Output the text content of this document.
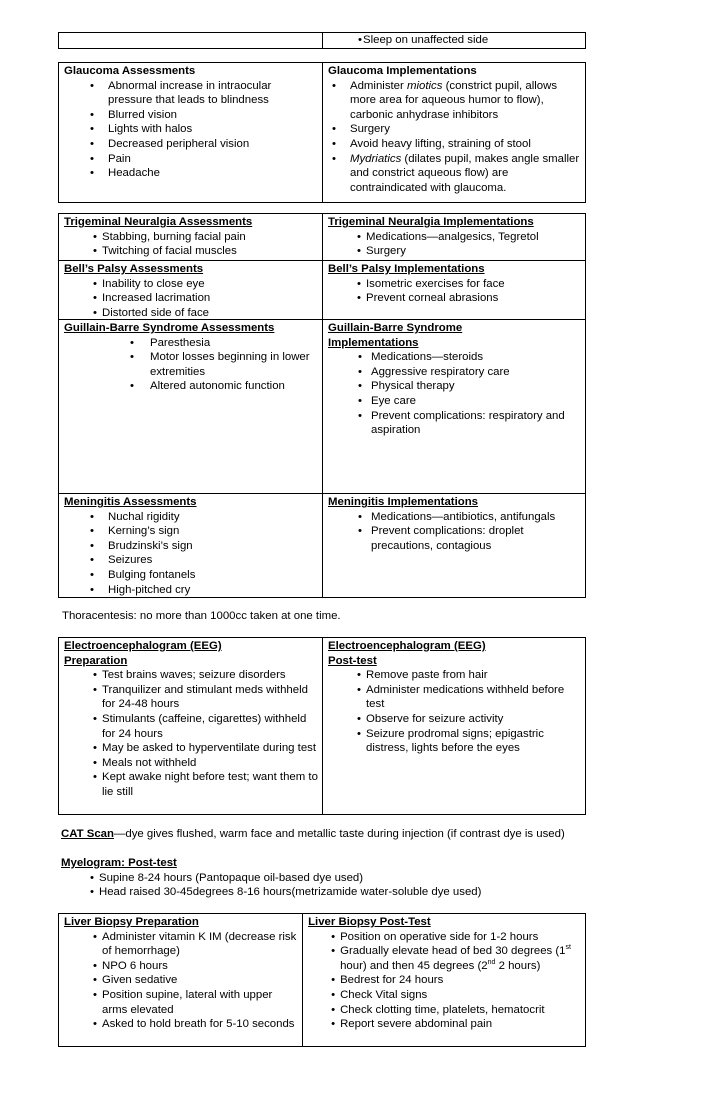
• Sleep on unaffected side
Glaucoma Assessments
• Abnormal increase in intraocular pressure that leads to blindness
• Blurred vision
• Lights with halos
• Decreased peripheral vision
• Pain
• Headache
Glaucoma Implementations
• Administer miotics (constrict pupil, allows more area for aqueous humor to flow), carbonic anhydrase inhibitors
• Surgery
• Avoid heavy lifting, straining of stool
• Mydriatics (dilates pupil, makes angle smaller and constrict aqueous flow) are contraindicated with glaucoma.
Trigeminal Neuralgia Assessments
• Stabbing, burning facial pain
• Twitching of facial muscles
Trigeminal Neuralgia Implementations
• Medications—analgesics, Tegretol
• Surgery
Bell’s Palsy Assessments
• Inability to close eye
• Increased lacrimation
• Distorted side of face
Bell’s Palsy Implementations
• Isometric exercises for face
• Prevent corneal abrasions
Guillain-Barre Syndrome Assessments
• Paresthesia
• Motor losses beginning in lower extremities
• Altered autonomic function
Guillain-Barre Syndrome Implementations
• Medications—steroids
• Aggressive respiratory care
• Physical therapy
• Eye care
• Prevent complications: respiratory and aspiration
Meningitis Assessments
• Nuchal rigidity
• Kerning’s sign
• Brudzinski’s sign
• Seizures
• Bulging fontanels
• High-pitched cry
Meningitis Implementations
• Medications—antibiotics, antifungals
• Prevent complications: droplet precautions, contagious
Thoracentesis: no more than 1000cc taken at one time.
Electroencephalogram (EEG) Preparation
• Test brains waves; seizure disorders
• Tranquilizer and stimulant meds withheld for 24-48 hours
• Stimulants (caffeine, cigarettes) withheld for 24 hours
• May be asked to hyperventilate during test
• Meals not withheld
• Kept awake night before test; want them to lie still
Electroencephalogram (EEG) Post-test
• Remove paste from hair
• Administer medications withheld before test
• Observe for seizure activity
• Seizure prodromal signs; epigastric distress, lights before the eyes
CAT Scan—dye gives flushed, warm face and metallic taste during injection (if contrast dye is used)
Myelogram: Post-test
• Supine 8-24 hours (Pantopaque oil-based dye used)
• Head raised 30-45degrees 8-16 hours(metrizamide water-soluble dye used)
Liver Biopsy Preparation
• Administer vitamin K IM (decrease risk of hemorrhage)
• NPO 6 hours
• Given sedative
• Position supine, lateral with upper arms elevated
• Asked to hold breath for 5-10 seconds
Liver Biopsy Post-Test
• Position on operative side for 1-2 hours
• Gradually elevate head of bed 30 degrees (1st hour) and then 45 degrees (2nd 2 hours)
• Bedrest for 24 hours
• Check Vital signs
• Check clotting time, platelets, hematocrit
• Report severe abdominal pain
